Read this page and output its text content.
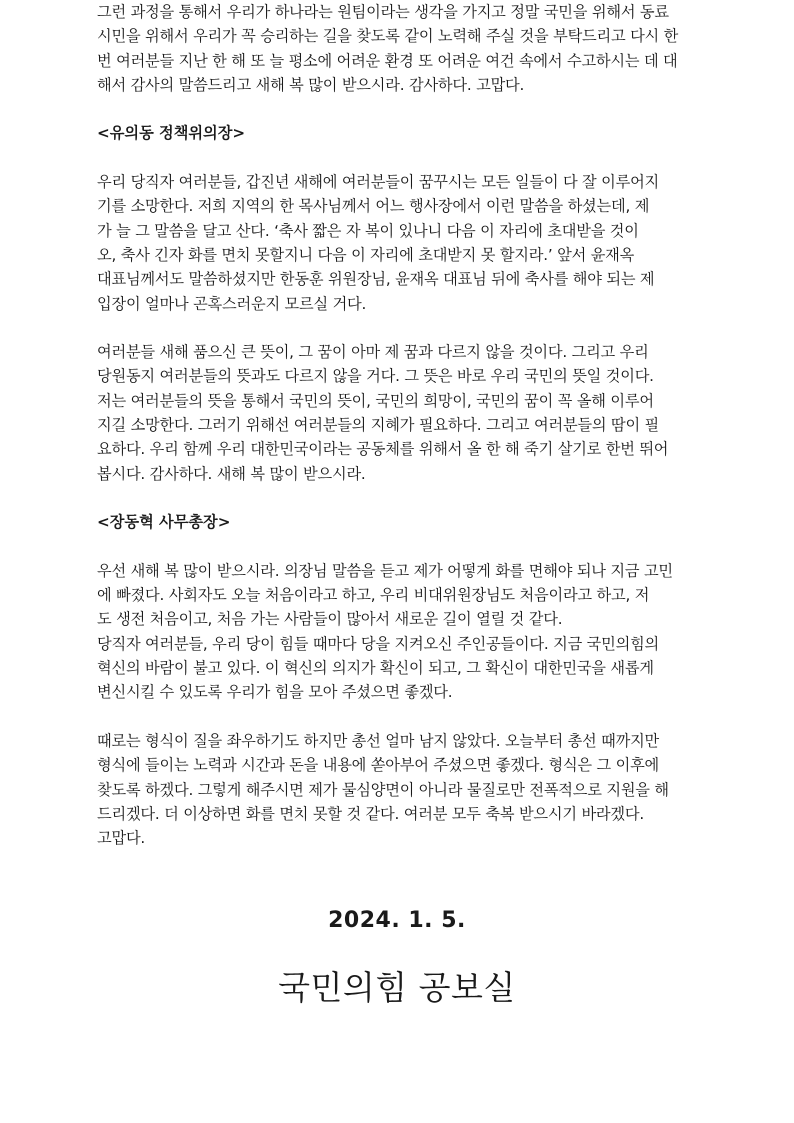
그런 과정을 통해서 우리가 하나라는 원팀이라는 생각을 가지고 정말 국민을 위해서 동료
시민을 위해서 우리가 꼭 승리하는 길을 찾도록 같이 노력해 주실 것을 부탁드리고 다시 한
번 여러분들 지난 한 해 또 늘 평소에 어려운 환경 또 어려운 여건 속에서 수고하시는 데 대
해서 감사의 말씀드리고 새해 복 많이 받으시라. 감사하다. 고맙다.
<유의동 정책위의장>
우리 당직자 여러분들, 갑진년 새해에 여러분들이 꿈꾸시는 모든 일들이 다 잘 이루어지
기를 소망한다. 저희 지역의 한 목사님께서 어느 행사장에서 이런 말씀을 하셨는데, 제
가 늘 그 말씀을 달고 산다. ‘축사 짧은 자 복이 있나니 다음 이 자리에 초대받을 것이
오, 축사 긴자 화를 면치 못할지니 다음 이 자리에 초대받지 못 할지라.’ 앞서 윤재옥
대표님께서도 말씀하셨지만 한동훈 위원장님, 윤재옥 대표님 뒤에 축사를 해야 되는 제
입장이 얼마나 곤혹스러운지 모르실 거다.
여러분들 새해 품으신 큰 뜻이, 그 꿈이 아마 제 꿈과 다르지 않을 것이다. 그리고 우리
당원동지 여러분들의 뜻과도 다르지 않을 거다. 그 뜻은 바로 우리 국민의 뜻일 것이다.
저는 여러분들의 뜻을 통해서 국민의 뜻이, 국민의 희망이, 국민의 꿈이 꼭 올해 이루어
지길 소망한다. 그러기 위해선 여러분들의 지혜가 필요하다. 그리고 여러분들의 땀이 필
요하다. 우리 함께 우리 대한민국이라는 공동체를 위해서 올 한 해 죽기 살기로 한번 뛰어
봅시다. 감사하다. 새해 복 많이 받으시라.
<장동혁 사무총장>
우선 새해 복 많이 받으시라. 의장님 말씀을 듣고 제가 어떻게 화를 면해야 되나 지금 고민
에 빠졌다. 사회자도 오늘 처음이라고 하고, 우리 비대위원장님도 처음이라고 하고, 저
도 생전 처음이고, 처음 가는 사람들이 많아서 새로운 길이 열릴 것 같다.
당직자 여러분들, 우리 당이 힘들 때마다 당을 지켜오신 주인공들이다. 지금 국민의힘의
혁신의 바람이 불고 있다. 이 혁신의 의지가 확신이 되고, 그 확신이 대한민국을 새롭게
변신시킬 수 있도록 우리가 힘을 모아 주셨으면 좋겠다.
때로는 형식이 질을 좌우하기도 하지만 총선 얼마 남지 않았다. 오늘부터 총선 때까지만
형식에 들이는 노력과 시간과 돈을 내용에 쏟아부어 주셨으면 좋겠다. 형식은 그 이후에
찾도록 하겠다. 그렇게 해주시면 제가 물심양면이 아니라 물질로만 전폭적으로 지원을 해
드리겠다. 더 이상하면 화를 면치 못할 것 같다. 여러분 모두 축복 받으시기 바라겠다.
고맙다.
2024. 1. 5.
국민의힘 공보실
